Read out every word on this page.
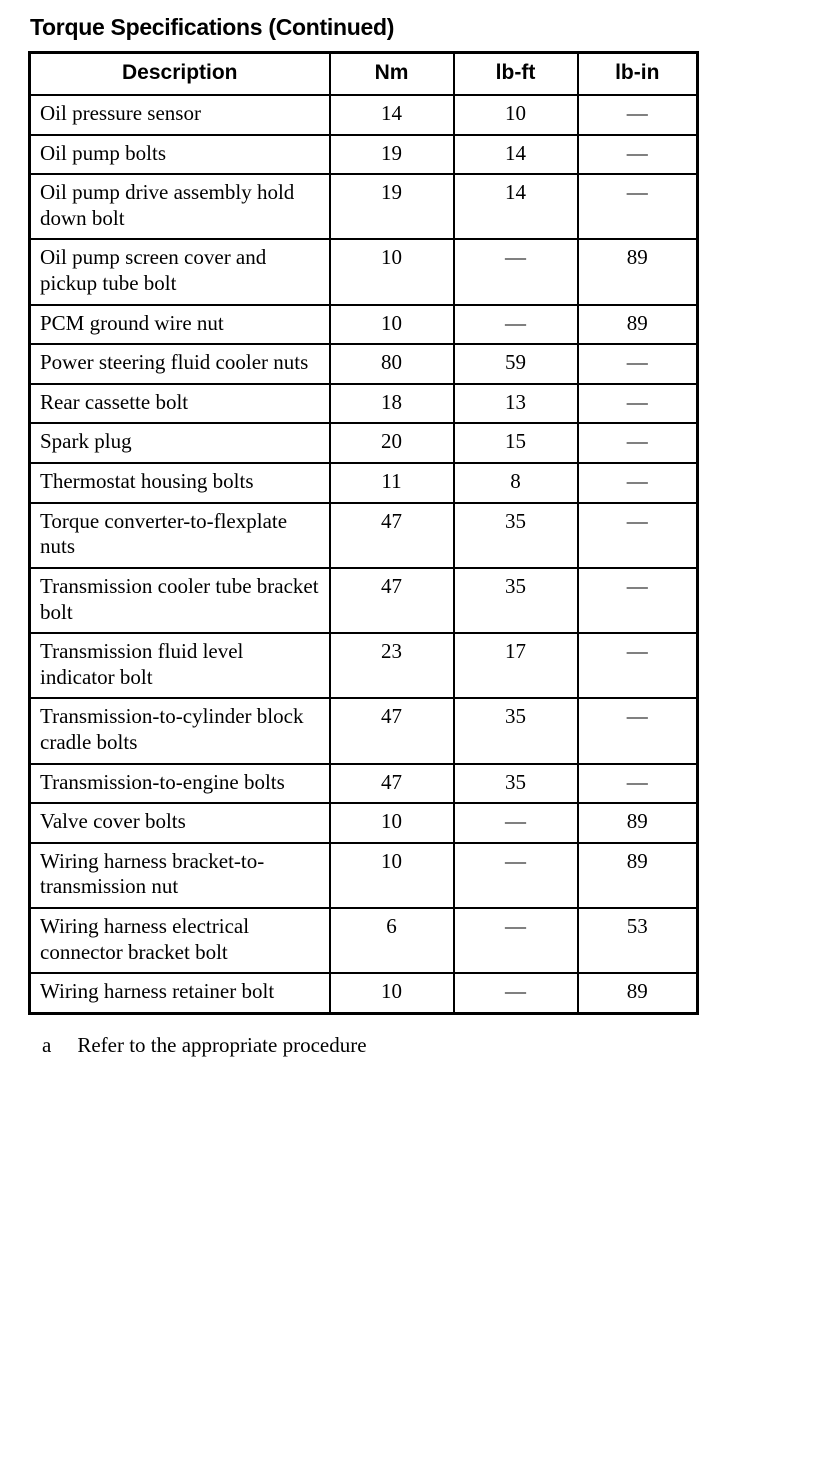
Torque Specifications (Continued)
Description	Nm	lb-ft	lb-in
Oil pressure sensor	14	10	—
Oil pump bolts	19	14	—
Oil pump drive assembly hold down bolt	19	14	—
Oil pump screen cover and pickup tube bolt	10	—	89
PCM ground wire nut	10	—	89
Power steering fluid cooler nuts	80	59	—
Rear cassette bolt	18	13	—
Spark plug	20	15	—
Thermostat housing bolts	11	8	—
Torque converter-to-flexplate nuts	47	35	—
Transmission cooler tube bracket bolt	47	35	—
Transmission fluid level indicator bolt	23	17	—
Transmission-to-cylinder block cradle bolts	47	35	—
Transmission-to-engine bolts	47	35	—
Valve cover bolts	10	—	89
Wiring harness bracket-to-transmission nut	10	—	89
Wiring harness electrical connector bracket bolt	6	—	53
Wiring harness retainer bolt	10	—	89
a Refer to the appropriate procedure
